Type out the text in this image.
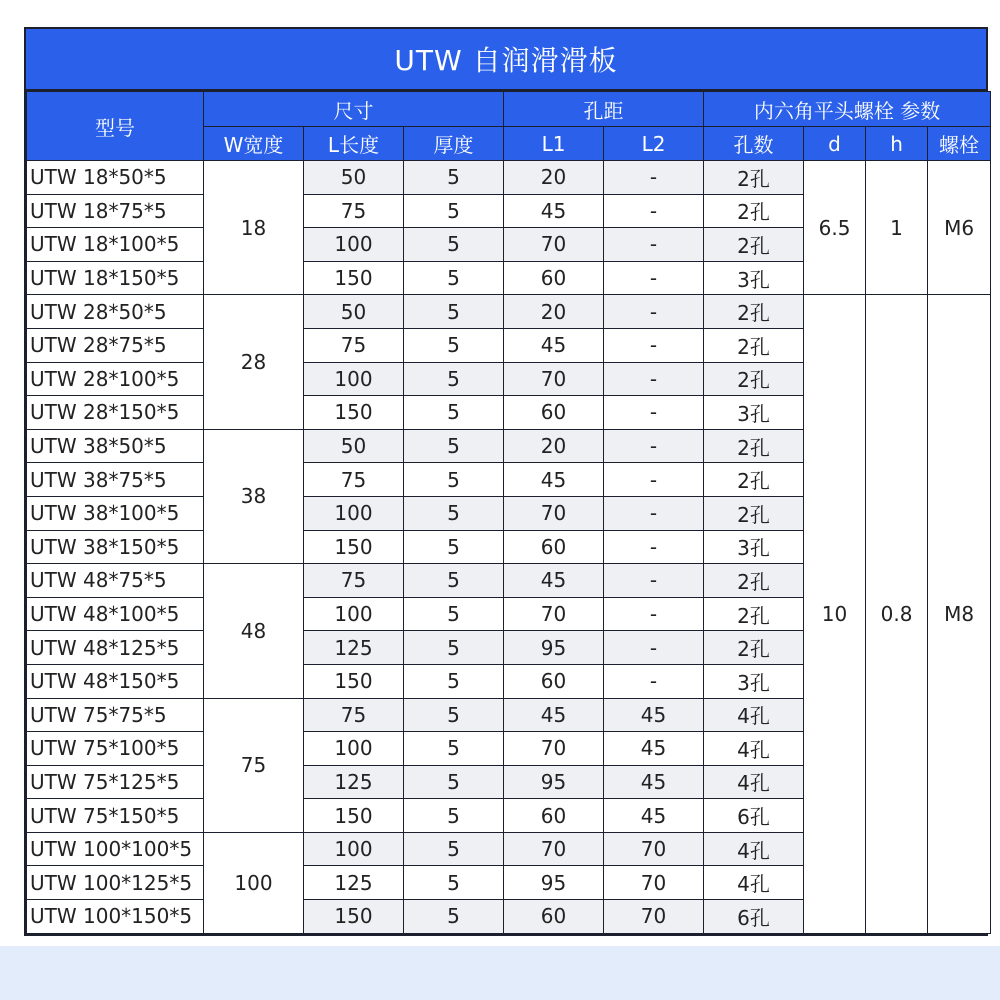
UTW 自润滑滑板
型号	尺寸			孔距		内六角平头螺栓 参数			
	W宽度	L长度	厚度	L1	L2	孔数	d	h	螺栓
UTW 18*50*5	18	50	5	20	-	2孔	6.5	1	M6
UTW 18*75*5		75	5	45	-	2孔			
UTW 18*100*5		100	5	70	-	2孔			
UTW 18*150*5		150	5	60	-	3孔			
UTW 28*50*5	28	50	5	20	-	2孔	10	0.8	M8
UTW 28*75*5		75	5	45	-	2孔			
UTW 28*100*5		100	5	70	-	2孔			
UTW 28*150*5		150	5	60	-	3孔			
UTW 38*50*5	38	50	5	20	-	2孔			
UTW 38*75*5		75	5	45	-	2孔			
UTW 38*100*5		100	5	70	-	2孔			
UTW 38*150*5		150	5	60	-	3孔			
UTW 48*75*5	48	75	5	45	-	2孔			
UTW 48*100*5		100	5	70	-	2孔			
UTW 48*125*5		125	5	95	-	2孔			
UTW 48*150*5		150	5	60	-	3孔			
UTW 75*75*5	75	75	5	45	45	4孔			
UTW 75*100*5		100	5	70	45	4孔			
UTW 75*125*5		125	5	95	45	4孔			
UTW 75*150*5		150	5	60	45	6孔			
UTW 100*100*5	100	100	5	70	70	4孔			
UTW 100*125*5		125	5	95	70	4孔			
UTW 100*150*5		150	5	60	70	6孔			
